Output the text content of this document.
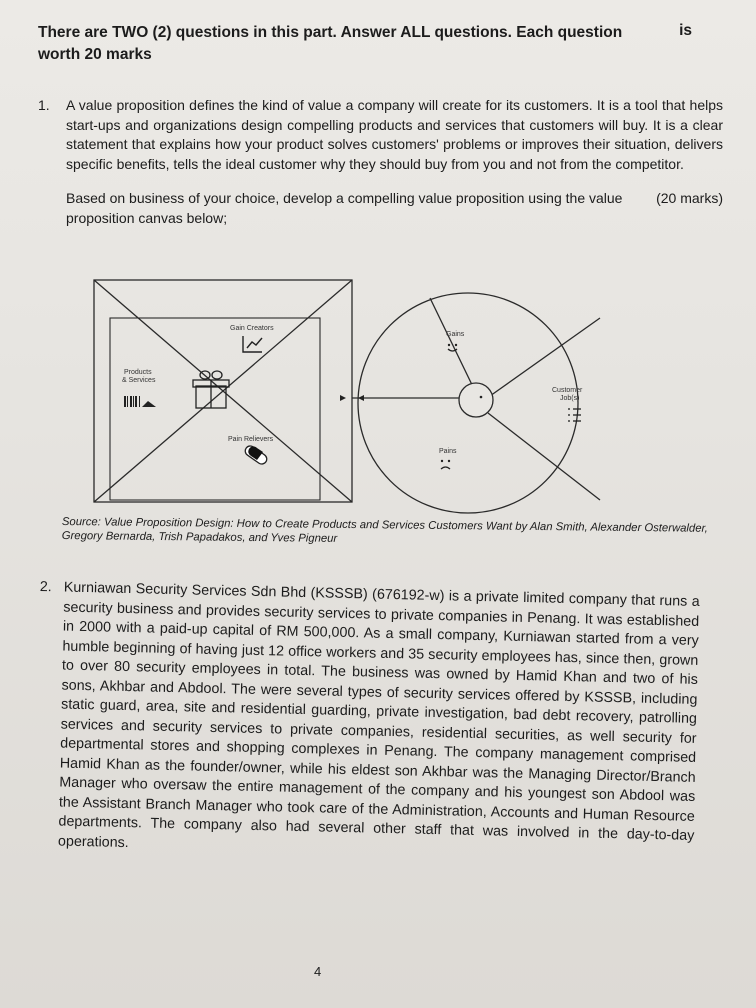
There are TWO (2) questions in this part. Answer ALL questions. Each question	is
worth 20 marks
1. A value proposition defines the kind of value a company will create for its customers. It is a tool that helps start-ups and organizations design compelling products and services that customers will buy. It is a clear statement that explains how your product solves customers' problems or improves their situation, delivers specific benefits, tells the ideal customer why they should buy from you and not from the competitor.
(20 marks)
Based on business of your choice, develop a compelling value proposition using the value proposition canvas below;
Gain Creators
Products
& Services
Pain Relievers
Gains
Customer
Job(s)
Pains
Source: Value Proposition Design: How to Create Products and Services Customers Want by Alan Smith, Alexander Osterwalder, Gregory Bernarda, Trish Papadakos, and Yves Pigneur
2. Kurniawan Security Services Sdn Bhd (KSSSB) (676192-w) is a private limited company that runs a security business and provides security services to private companies in Penang. It was established in 2000 with a paid-up capital of RM 500,000. As a small company, Kurniawan started from a very humble beginning of having just 12 office workers and 35 security employees has, since then, grown to over 80 security employees in total. The business was owned by Hamid Khan and two of his sons, Akhbar and Abdool. The were several types of security services offered by KSSSB, including static guard, area, site and residential guarding, private investigation, bad debt recovery, patrolling services and security services to private companies, residential securities, as well security for departmental stores and shopping complexes in Penang. The company management comprised Hamid Khan as the founder/owner, while his eldest son Akhbar was the Managing Director/Branch Manager who oversaw the entire management of the company and his youngest son Abdool was the Assistant Branch Manager who took care of the Administration, Accounts and Human Resource departments. The company also had several other staff that was involved in the day-to-day operations.
4
